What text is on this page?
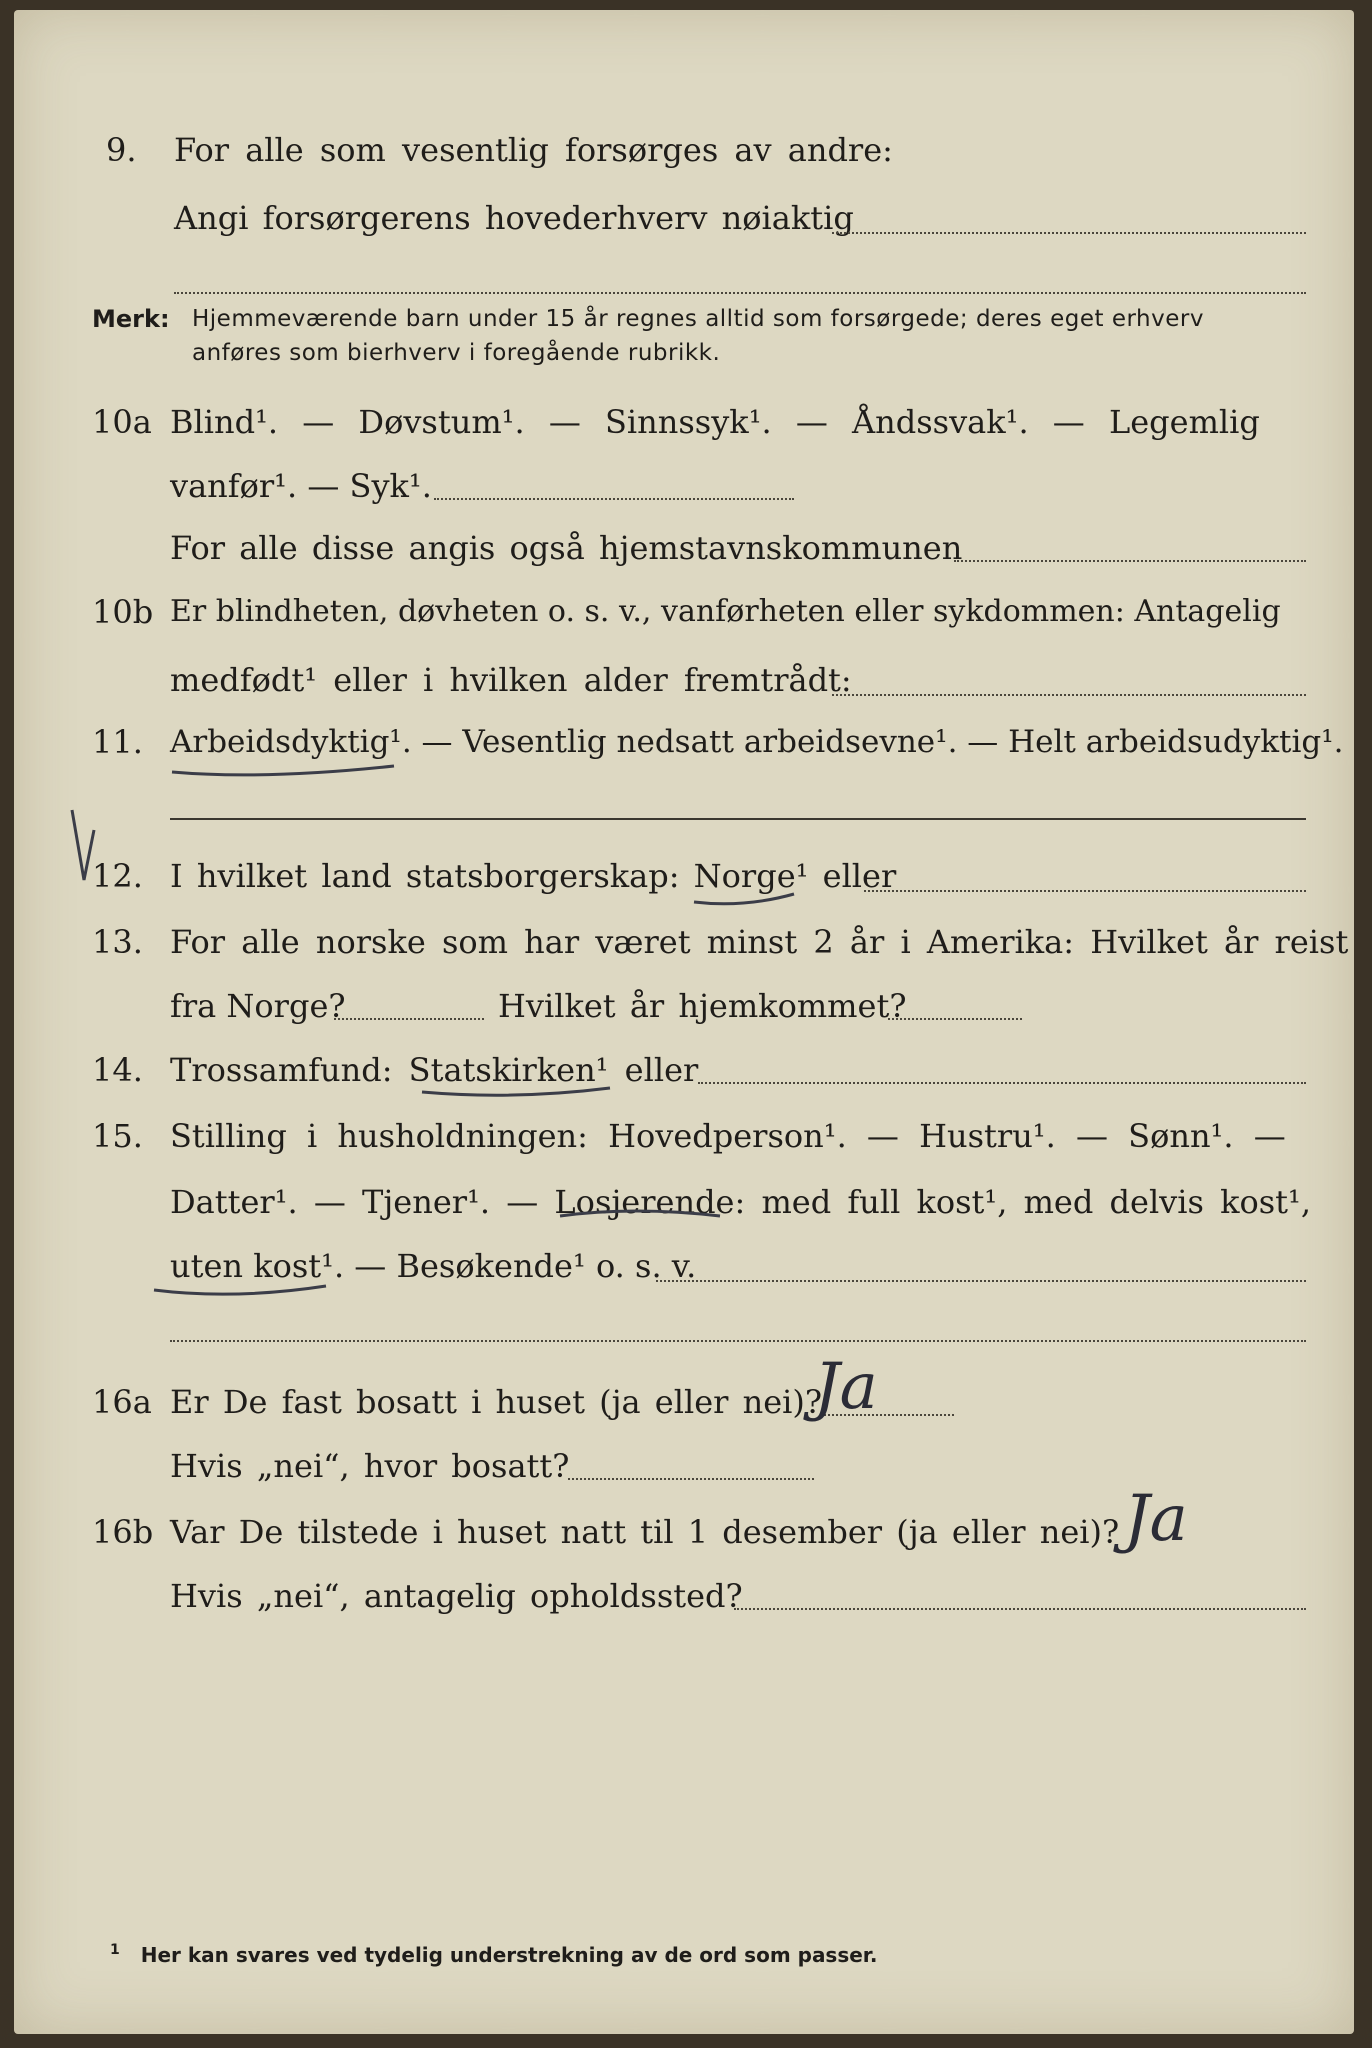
9. For alle som vesentlig forsørges av andre:
Angi forsørgerens hovederhverv nøiaktig
Merk: Hjemmeværende barn under 15 år regnes alltid som forsørgede; deres eget erhverv
anføres som bierhverv i foregående rubrikk.
10a Blind¹. — Døvstum¹. — Sinnssyk¹. — Åndssvak¹. — Legemlig
vanfør¹. — Syk¹.
For alle disse angis også hjemstavnskommunen
10b Er blindheten, døvheten o. s. v., vanførheten eller sykdommen: Antagelig
medfødt¹ eller i hvilken alder fremtrådt:
11. Arbeidsdyktig¹. — Vesentlig nedsatt arbeidsevne¹. — Helt arbeidsudyktig¹.
12. I hvilket land statsborgerskap: Norge¹ eller
13. For alle norske som har været minst 2 år i Amerika: Hvilket år reist
fra Norge?	Hvilket år hjemkommet?
14. Trossamfund: Statskirken¹ eller
15. Stilling i husholdningen: Hovedperson¹. — Hustru¹. — Sønn¹. —
Datter¹. — Tjener¹. — Losjerende: med full kost¹, med delvis kost¹,
uten kost¹. — Besøkende¹ o. s. v.
16a Er De fast bosatt i huset (ja eller nei)?
Hvis „nei“, hvor bosatt?
Ja
16b Var De tilstede i huset natt til 1 desember (ja eller nei)?
Hvis „nei“, antagelig opholdssted?
Ja
$^1$ Her kan svares ved tydelig understrekning av de ord som passer.
